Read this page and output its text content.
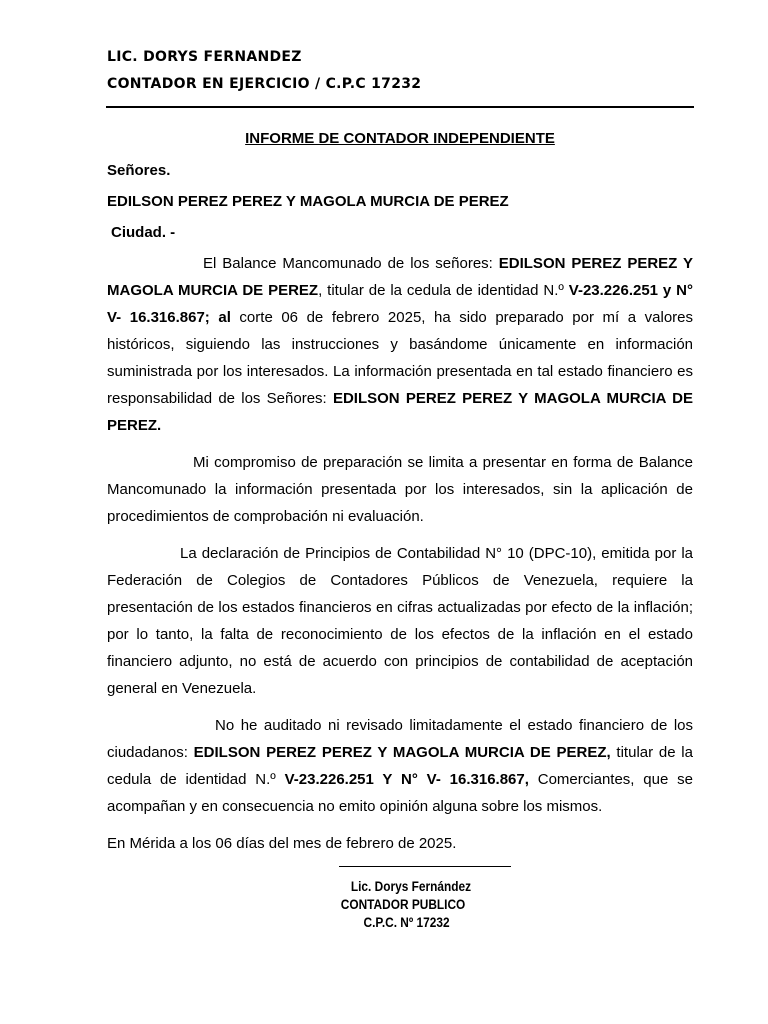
LIC. DORYS FERNANDEZ
CONTADOR EN EJERCICIO / C.P.C 17232
INFORME DE CONTADOR INDEPENDIENTE
Señores.
EDILSON PEREZ PEREZ Y MAGOLA MURCIA DE PEREZ
Ciudad. -

El Balance Mancomunado de los señores: EDILSON PEREZ PEREZ Y MAGOLA MURCIA DE PEREZ, titular de la cedula de identidad N.º V-23.226.251 y N° V- 16.316.867; al corte 06 de febrero 2025, ha sido preparado por mí a valores históricos, siguiendo las instrucciones y basándome únicamente en información suministrada por los interesados. La información presentada en tal estado financiero es responsabilidad de los Señores: EDILSON PEREZ PEREZ Y MAGOLA MURCIA DE PEREZ.

Mi compromiso de preparación se limita a presentar en forma de Balance Mancomunado la información presentada por los interesados, sin la aplicación de procedimientos de comprobación ni evaluación.

La declaración de Principios de Contabilidad N° 10 (DPC-10), emitida por la Federación de Colegios de Contadores Públicos de Venezuela, requiere la presentación de los estados financieros en cifras actualizadas por efecto de la inflación; por lo tanto, la falta de reconocimiento de los efectos de la inflación en el estado financiero adjunto, no está de acuerdo con principios de contabilidad de aceptación general en Venezuela.

No he auditado ni revisado limitadamente el estado financiero de los ciudadanos: EDILSON PEREZ PEREZ Y MAGOLA MURCIA DE PEREZ, titular de la cedula de identidad N.º V-23.226.251 Y N° V- 16.316.867, Comerciantes, que se acompañan y en consecuencia no emito opinión alguna sobre los mismos.

En Mérida a los 06 días del mes de febrero de 2025.

Lic. Dorys Fernández
CONTADOR PUBLICO
C.P.C. Nº 17232
